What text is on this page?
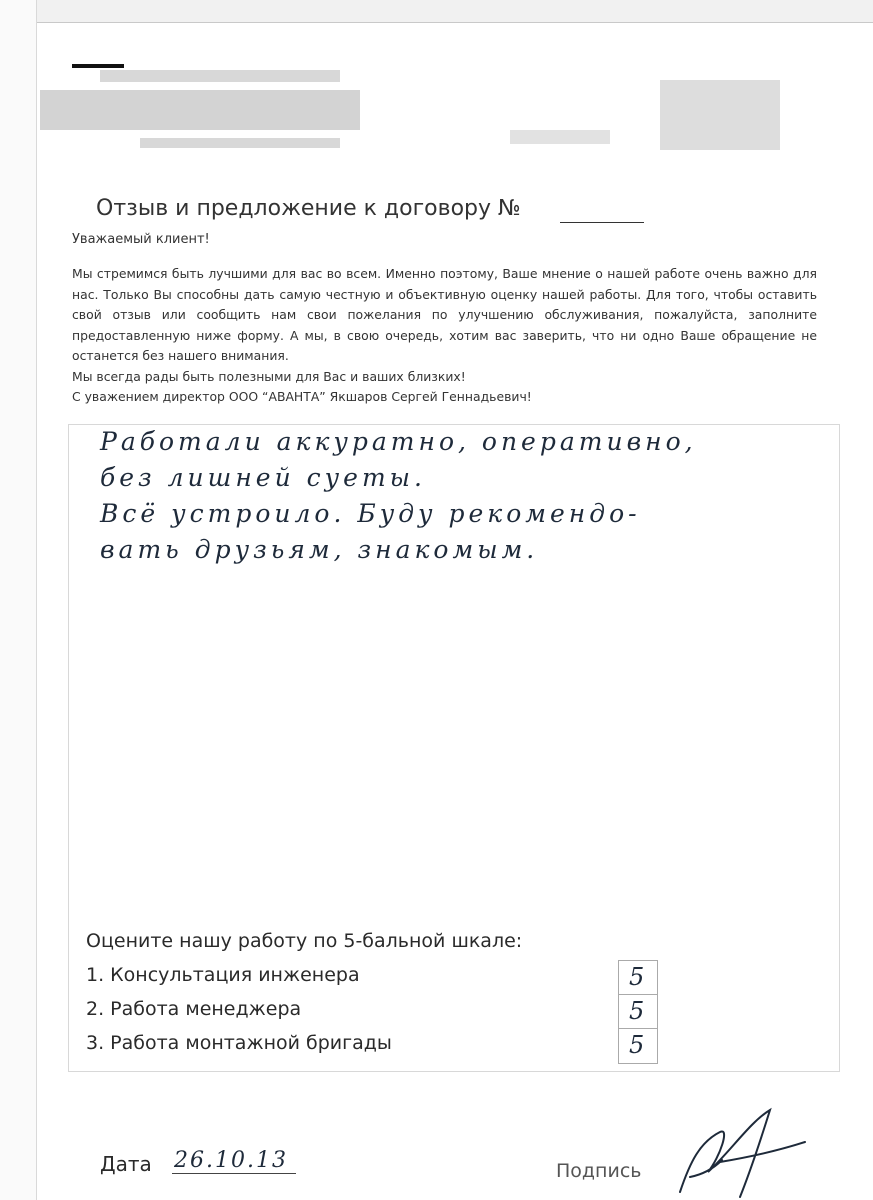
Отзыв и предложение к договору №
Уважаемый клиент!

Мы стремимся быть лучшими для вас во всем. Именно поэтому, Ваше мнение о нашей работе очень важно для нас. Только Вы способны дать самую честную и объективную оценку нашей работы. Для того, чтобы оставить свой отзыв или сообщить нам свои пожелания по улучшению обслуживания, пожалуйста, заполните предоставленную ниже форму. А мы, в свою очередь, хотим вас заверить, что ни одно Ваше обращение не останется без нашего внимания.

Мы всегда рады быть полезными для Вас и ваших близких!

С уважением директор ООО “АВАНТА” Якшаров Сергей Геннадьевич!

Работали аккуратно, оперативно,
без лишней суеты.
Всё устроило. Буду рекомендо-
вать друзьям, знакомым.
Оцените нашу работу по 5-бальной шкале:
1. Консультация инженера	5
2. Работа менеджера	5
3. Работа монтажной бригады	5
Дата 26.10.13	Подпись
